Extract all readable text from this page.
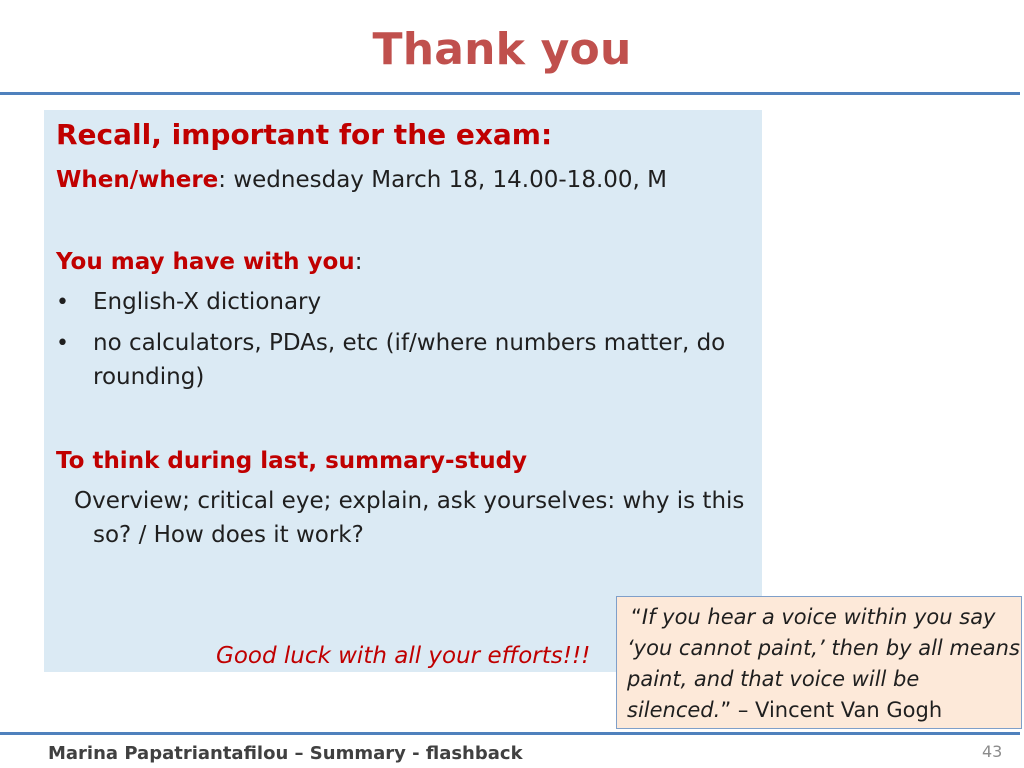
Thank you
Recall, important for the exam:
When/where: wednesday March 18, 14.00-18.00, M
You may have with you:
• English-X dictionary
• no calculators, PDAs, etc (if/where numbers matter, do
rounding)
To think during last, summary-study
Overview; critical eye; explain, ask yourselves: why is this
so? / How does it work?
Good luck with all your efforts!!!
“If you hear a voice within you say
‘you cannot paint,’ then by all means
paint, and that voice will be
silenced.” – Vincent Van Gogh
Marina Papatriantafilou – Summary - flashback	43
